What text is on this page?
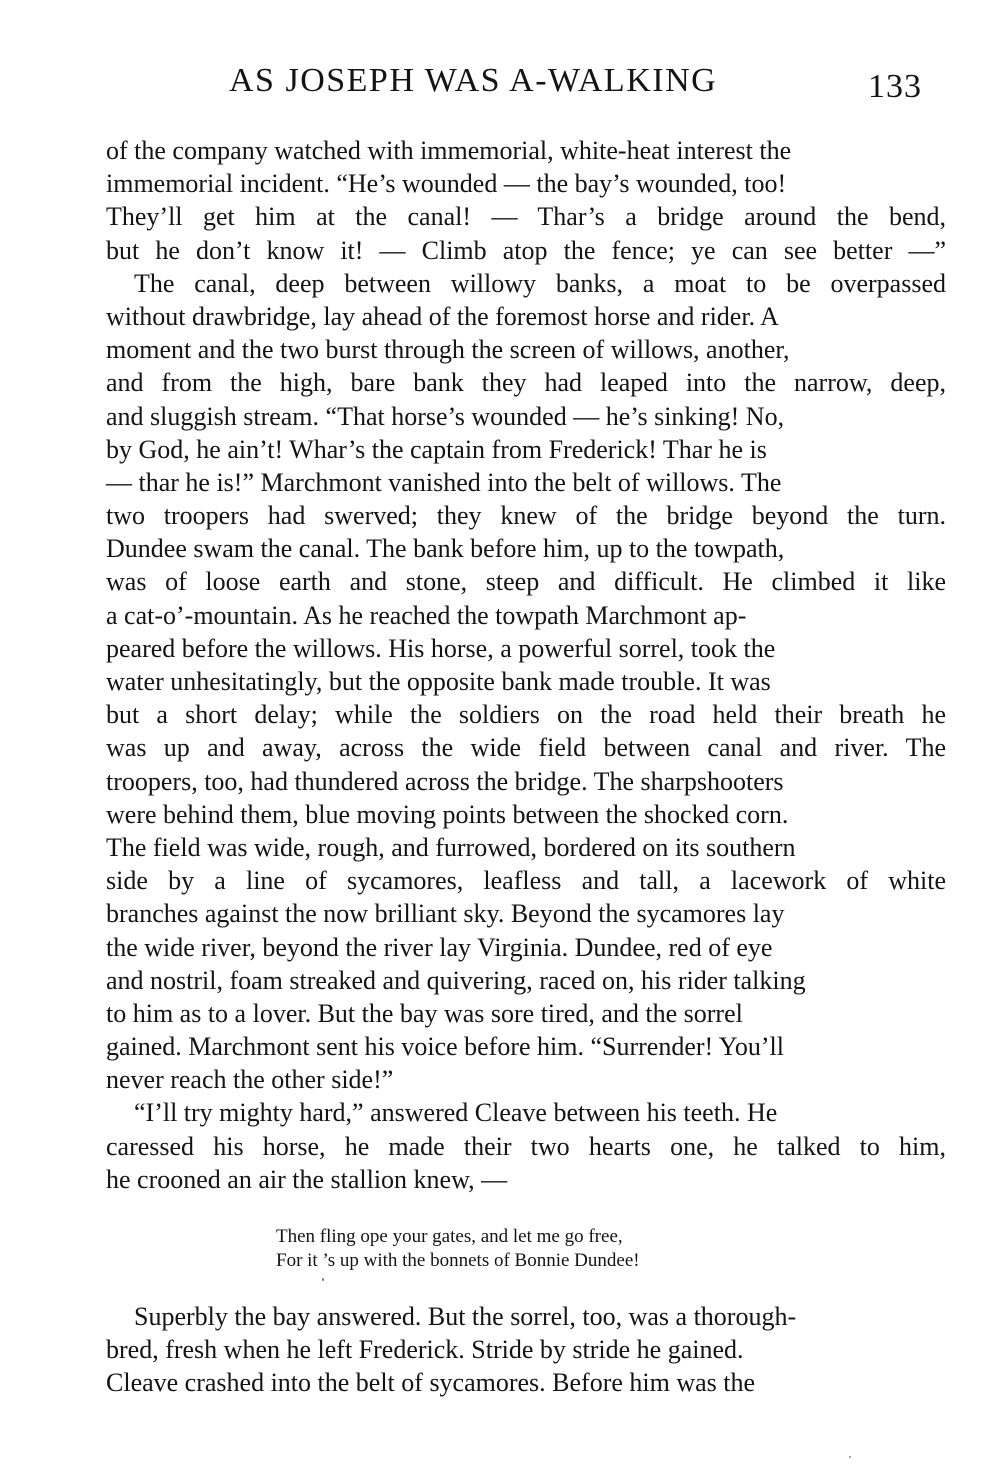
AS JOSEPH WAS A-WALKING	133
of the company watched with immemorial, white-heat interest the
immemorial incident. “He’s wounded — the bay’s wounded, too!
They’ll get him at the canal! — Thar’s a bridge around the bend,
but he don’t know it! — Climb atop the fence; ye can see better —”
The canal, deep between willowy banks, a moat to be overpassed
without drawbridge, lay ahead of the foremost horse and rider. A
moment and the two burst through the screen of willows, another,
and from the high, bare bank they had leaped into the narrow, deep,
and sluggish stream. “That horse’s wounded — he’s sinking! No,
by God, he ain’t! Whar’s the captain from Frederick! Thar he is
— thar he is!” Marchmont vanished into the belt of willows. The
two troopers had swerved; they knew of the bridge beyond the turn.
Dundee swam the canal. The bank before him, up to the towpath,
was of loose earth and stone, steep and difficult. He climbed it like
a cat-o’-mountain. As he reached the towpath Marchmont ap-
peared before the willows. His horse, a powerful sorrel, took the
water unhesitatingly, but the opposite bank made trouble. It was
but a short delay; while the soldiers on the road held their breath he
was up and away, across the wide field between canal and river. The
troopers, too, had thundered across the bridge. The sharpshooters
were behind them, blue moving points between the shocked corn.
The field was wide, rough, and furrowed, bordered on its southern
side by a line of sycamores, leafless and tall, a lacework of white
branches against the now brilliant sky. Beyond the sycamores lay
the wide river, beyond the river lay Virginia. Dundee, red of eye
and nostril, foam streaked and quivering, raced on, his rider talking
to him as to a lover. But the bay was sore tired, and the sorrel
gained. Marchmont sent his voice before him. “Surrender! You’ll
never reach the other side!”
“I’ll try mighty hard,” answered Cleave between his teeth. He
caressed his horse, he made their two hearts one, he talked to him,
he crooned an air the stallion knew, —
Then fling ope your gates, and let me go free,
For it ’s up with the bonnets of Bonnie Dundee!
Superbly the bay answered. But the sorrel, too, was a thorough-
bred, fresh when he left Frederick. Stride by stride he gained.
Cleave crashed into the belt of sycamores. Before him was the
